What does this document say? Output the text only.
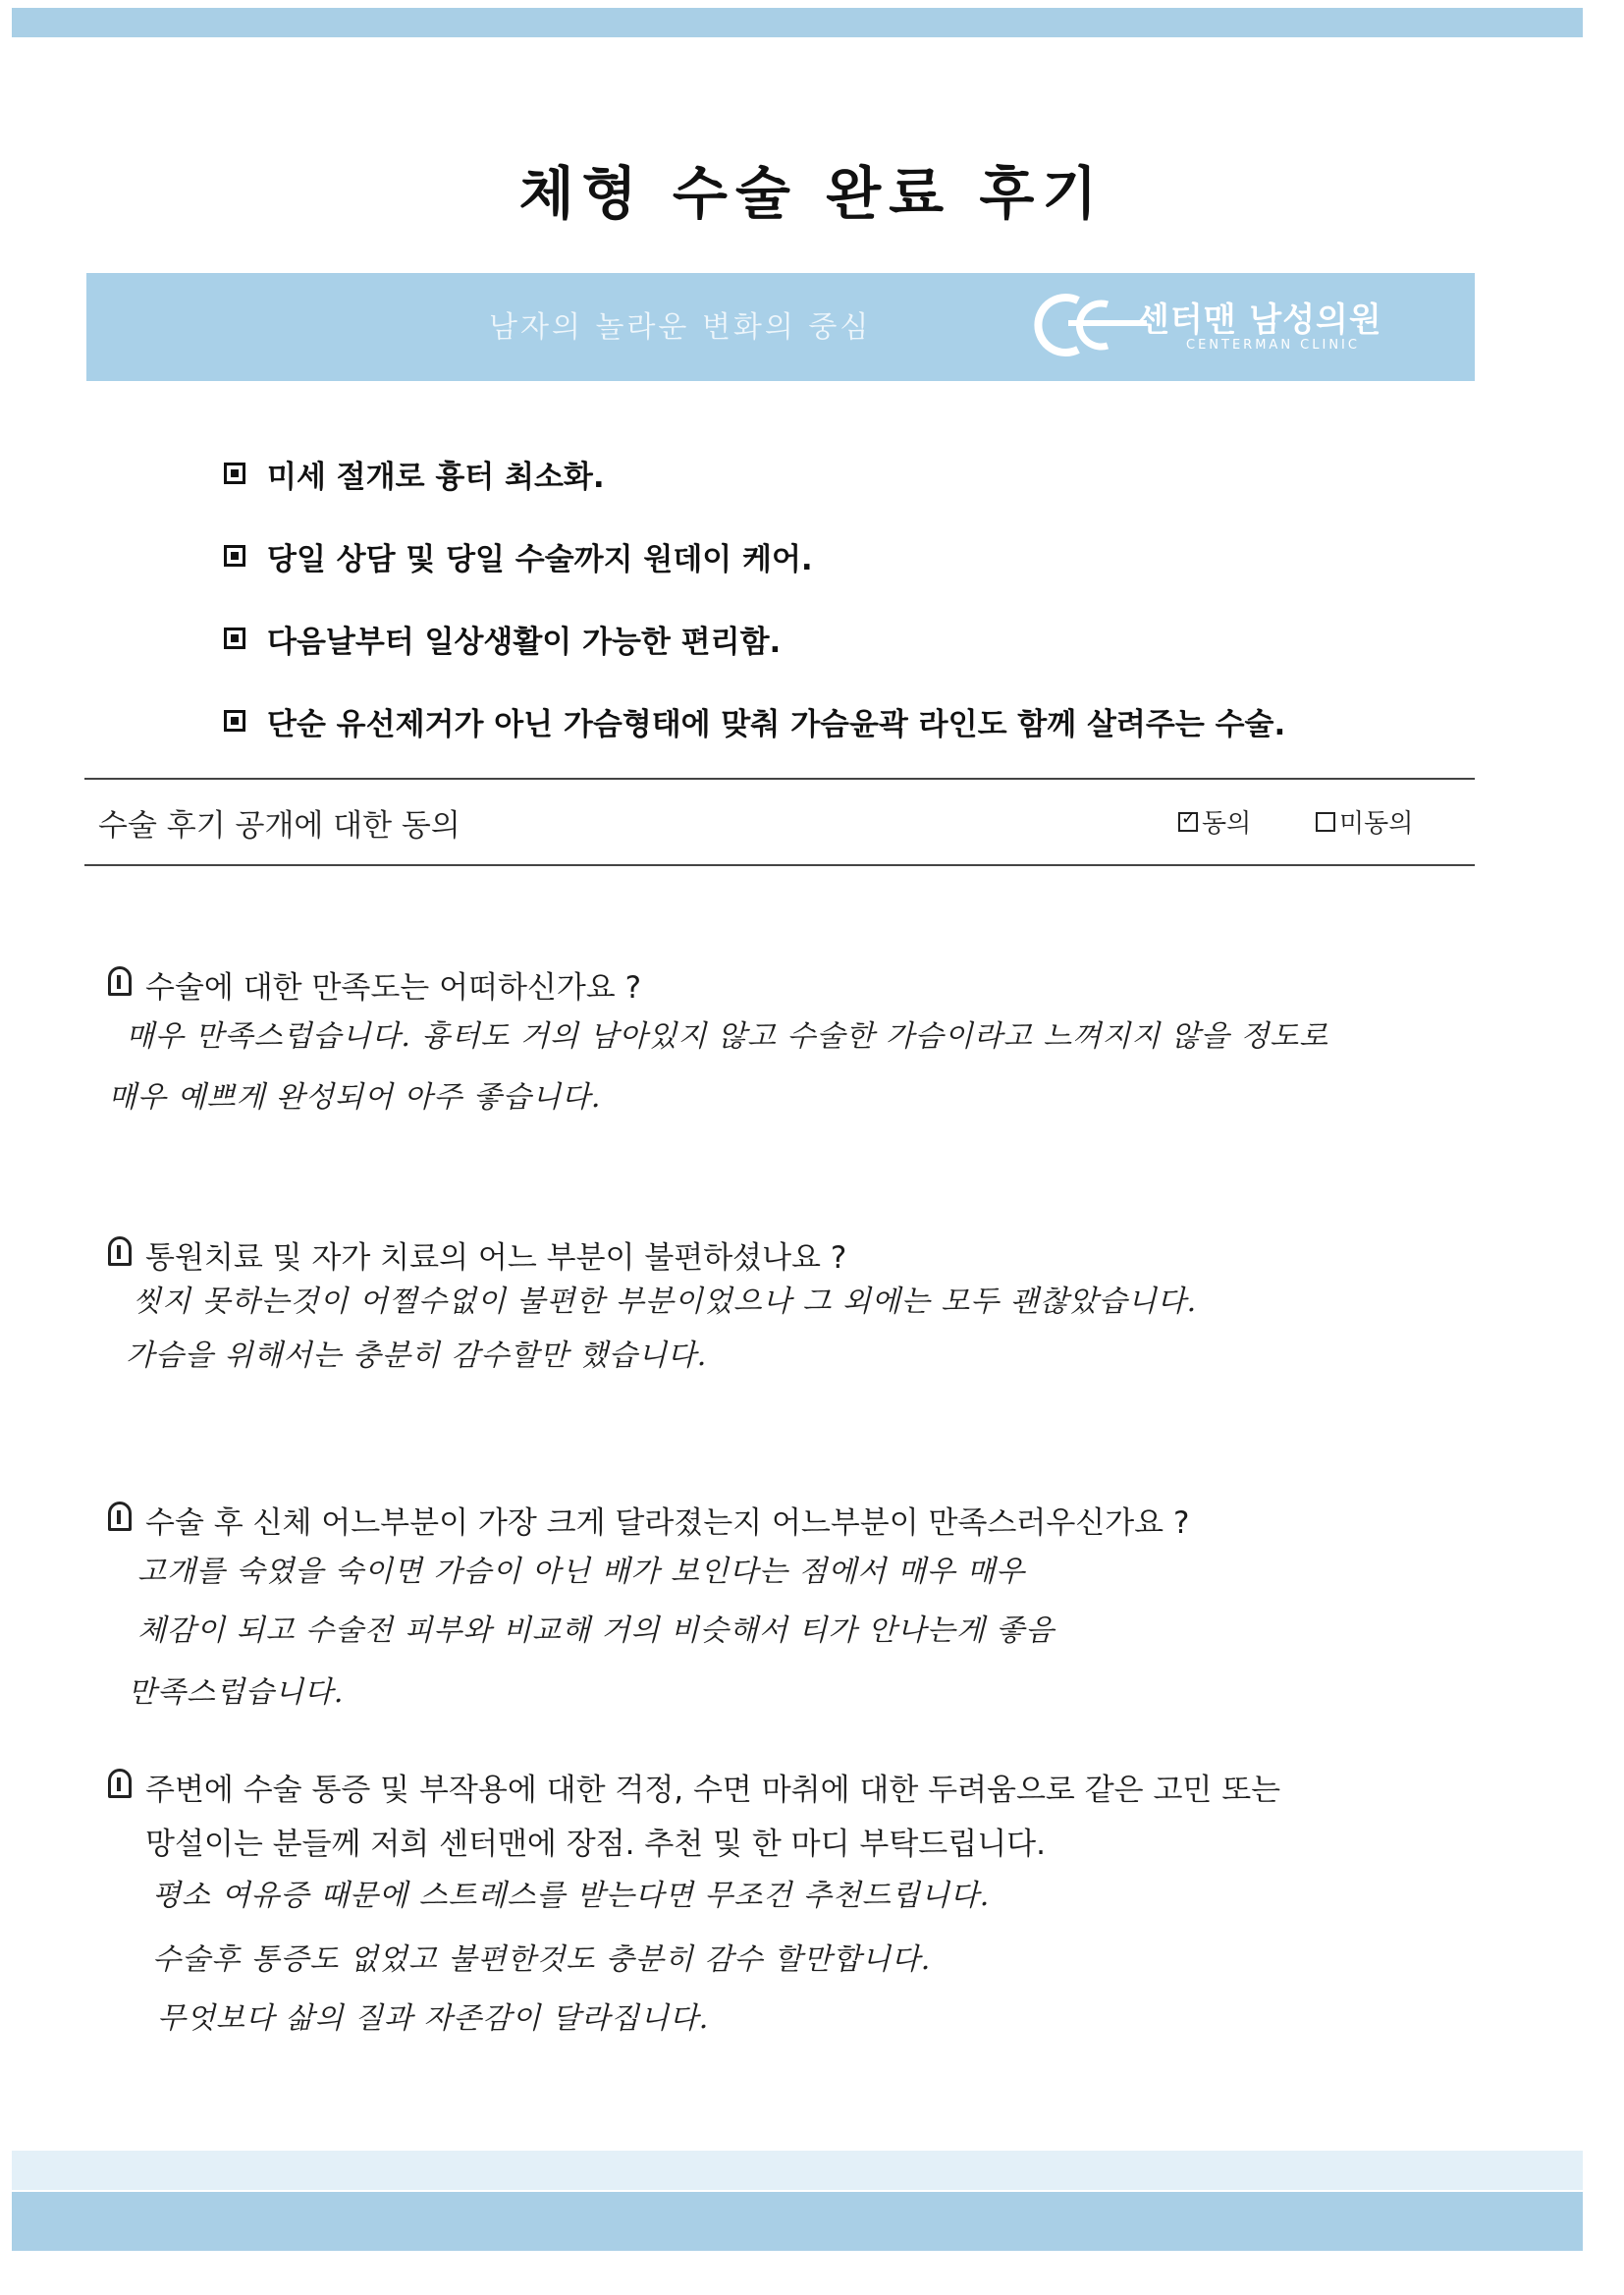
체형 수술 완료 후기
남자의 놀라운 변화의 중심	센터맨 남성의원
CENTERMAN CLINIC
미세 절개로 흉터 최소화.
당일 상담 및 당일 수술까지 원데이 케어.
다음날부터 일상생활이 가능한 편리함.
단순 유선제거가 아닌 가슴형태에 맞춰 가슴윤곽 라인도 함께 살려주는 수술.
수술 후기 공개에 대한 동의
✓	동의	미동의
수술에 대한 만족도는 어떠하신가요 ?
매우 만족스럽습니다. 흉터도 거의 남아있지 않고 수술한 가슴이라고 느껴지지 않을 정도로
매우 예쁘게 완성되어 아주 좋습니다.
통원치료 및 자가 치료의 어느 부분이 불편하셨나요 ?
씻지 못하는것이 어쩔수없이 불편한 부분이었으나 그 외에는 모두 괜찮았습니다.
가슴을 위해서는 충분히 감수할만 했습니다.
수술 후 신체 어느부분이 가장 크게 달라졌는지 어느부분이 만족스러우신가요 ?
고개를 숙였을 숙이면 가슴이 아닌 배가 보인다는 점에서 매우 매우
체감이 되고 수술전 피부와 비교해 거의 비슷해서 티가 안나는게 좋음
만족스럽습니다.
주변에 수술 통증 및 부작용에 대한 걱정, 수면 마취에 대한 두려움으로 같은 고민 또는
망설이는 분들께 저희 센터맨에 장점. 추천 및 한 마디 부탁드립니다.
평소 여유증 때문에 스트레스를 받는다면 무조건 추천드립니다.
수술후 통증도 없었고 불편한것도 충분히 감수 할만합니다.
무엇보다 삶의 질과 자존감이 달라집니다.
